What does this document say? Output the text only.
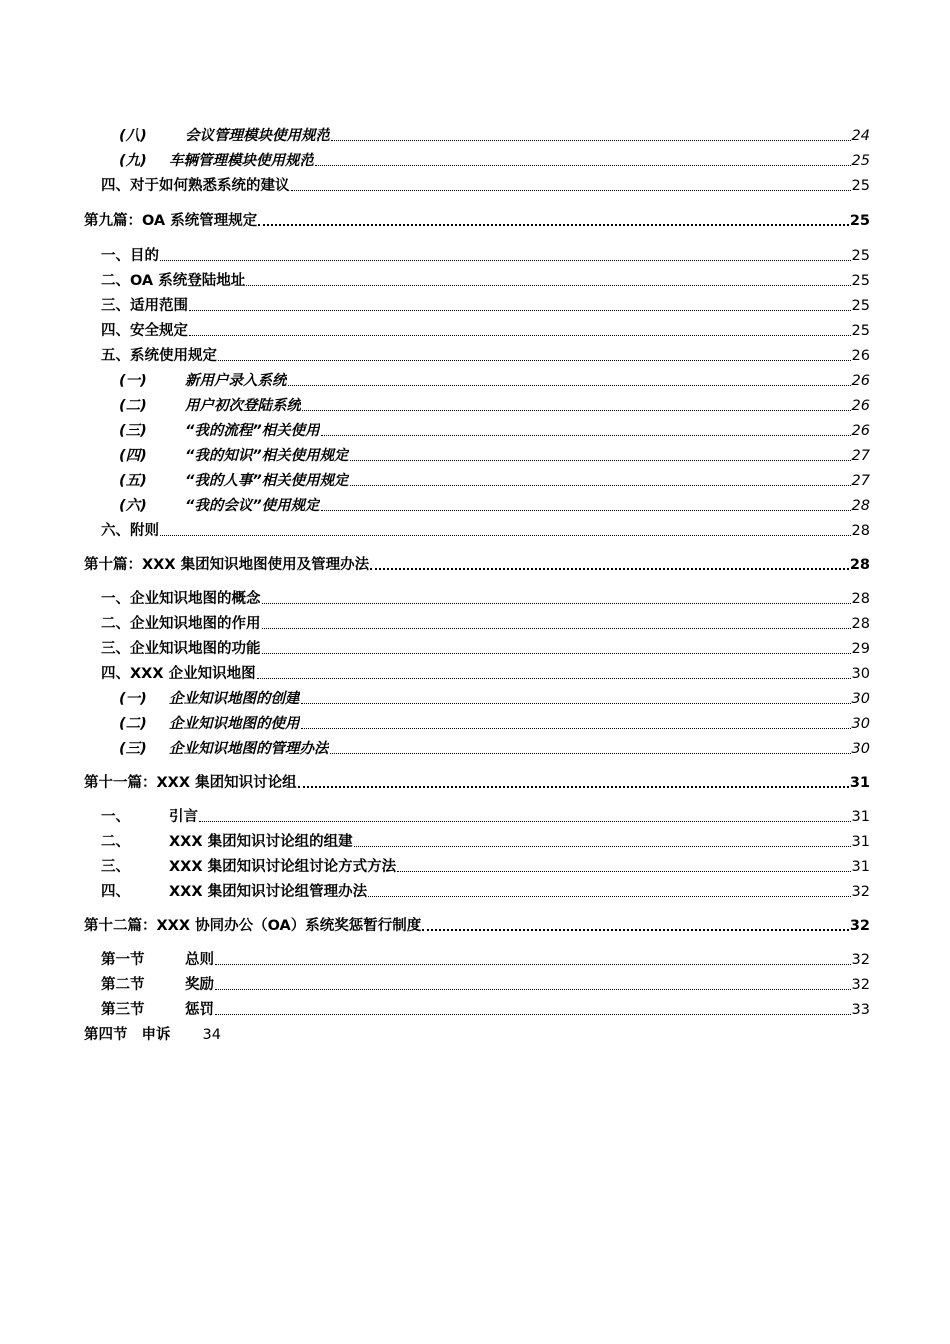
(八)	会议管理模块使用规范	24
(九) 车辆管理模块使用规范	25
四、对于如何熟悉系统的建议	25
第九篇：OA 系统管理规定	25
一、目的	25
二、OA 系统登陆地址	25
三、适用范围	25
四、安全规定	25
五、系统使用规定	26
(一)	新用户录入系统	26
(二)	用户初次登陆系统	26
(三)	“我的流程”相关使用	26
(四)	“我的知识”相关使用规定	27
(五)	“我的人事”相关使用规定	27
(六)	“我的会议”使用规定	28
六、附则	28
第十篇：XXX 集团知识地图使用及管理办法	28
一、企业知识地图的概念	28
二、企业知识地图的作用	28
三、企业知识地图的功能	29
四、XXX 企业知识地图	30
(一) 企业知识地图的创建	30
(二) 企业知识地图的使用	30
(三) 企业知识地图的管理办法	30
第十一篇：XXX 集团知识讨论组	31
一、	引言	31
二、	XXX 集团知识讨论组的组建	31
三、	XXX 集团知识讨论组讨论方式方法	31
四、	XXX 集团知识讨论组管理办法	32
第十二篇：XXX 协同办公（OA）系统奖惩暂行制度	32
第一节	总则	32
第二节	奖励	32
第三节	惩罚	33
第四节 申诉 34
